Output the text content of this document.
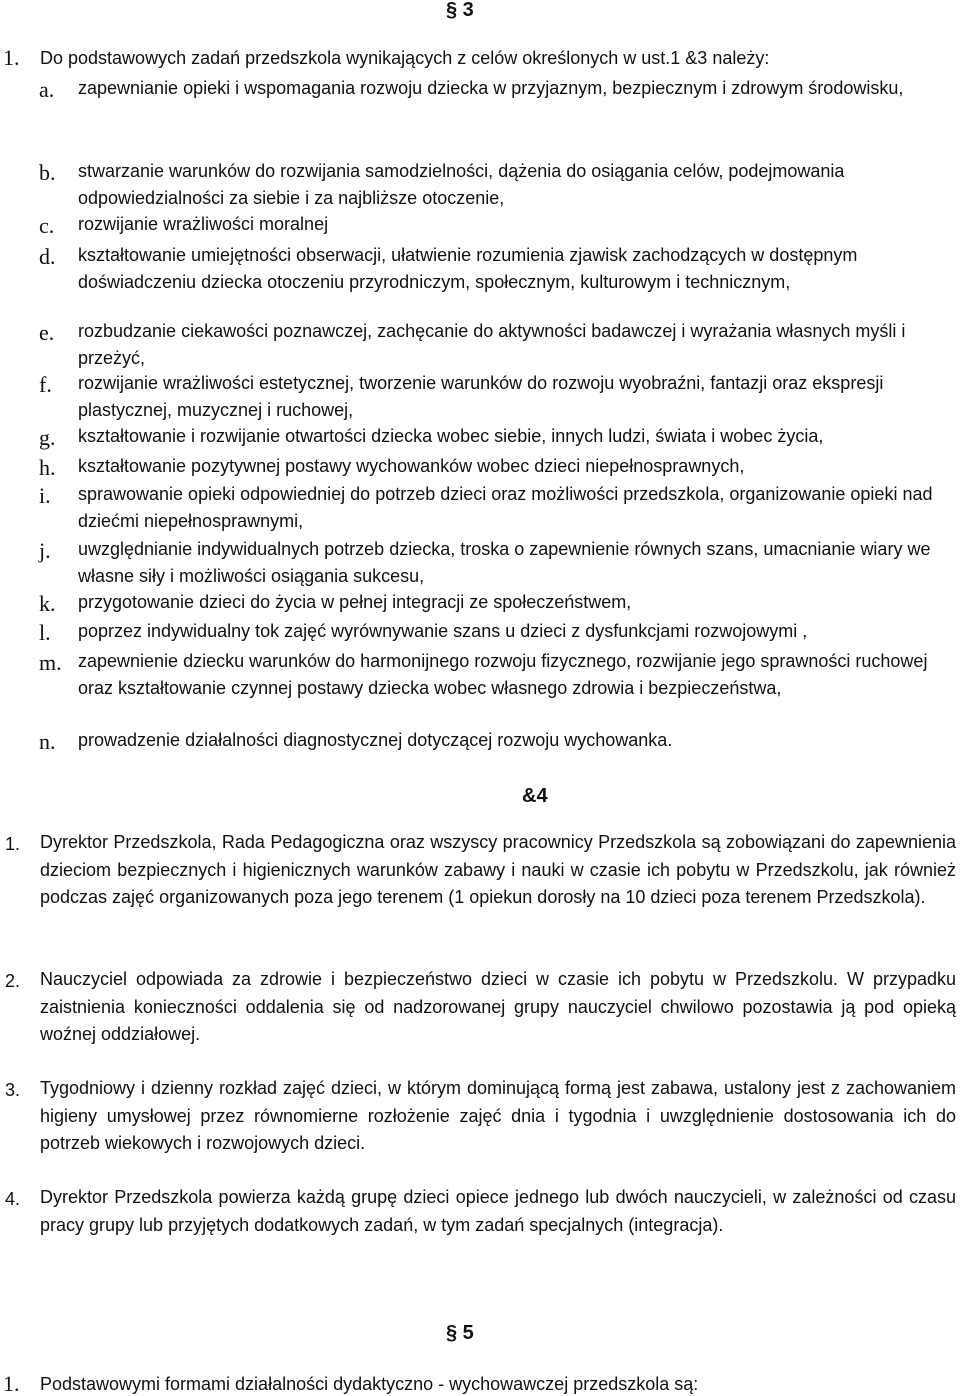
§ 3
1. Do podstawowych zadań przedszkola wynikających z celów określonych w ust.1 &3 należy:
a. zapewnianie opieki i wspomagania rozwoju dziecka w przyjaznym, bezpiecznym i zdrowym środowisku,
b. stwarzanie warunków do rozwijania samodzielności, dążenia do osiągania celów, podejmowania odpowiedzialności za siebie i za najbliższe otoczenie,
c. rozwijanie wrażliwości moralnej
d. kształtowanie umiejętności obserwacji, ułatwienie rozumienia zjawisk zachodzących w dostępnym doświadczeniu dziecka otoczeniu przyrodniczym, społecznym, kulturowym i technicznym,
e. rozbudzanie ciekawości poznawczej, zachęcanie do aktywności badawczej i wyrażania własnych myśli i przeżyć,
f. rozwijanie wrażliwości estetycznej, tworzenie warunków do rozwoju wyobraźni, fantazji oraz ekspresji plastycznej, muzycznej i ruchowej,
g. kształtowanie i rozwijanie otwartości dziecka wobec siebie, innych ludzi, świata i wobec życia,
h. kształtowanie pozytywnej postawy wychowanków wobec dzieci niepełnosprawnych,
i. sprawowanie opieki odpowiedniej do potrzeb dzieci oraz możliwości przedszkola, organizowanie opieki nad dziećmi niepełnosprawnymi,
j. uwzględnianie indywidualnych potrzeb dziecka, troska o zapewnienie równych szans, umacnianie wiary we własne siły i możliwości osiągania sukcesu,
k. przygotowanie dzieci do życia w pełnej integracji ze społeczeństwem,
l. poprzez indywidualny tok zajęć wyrównywanie szans u dzieci z dysfunkcjami rozwojowymi ,
m. zapewnienie dziecku warunków do harmonijnego rozwoju fizycznego, rozwijanie jego sprawności ruchowej oraz kształtowanie czynnej postawy dziecka wobec własnego zdrowia i bezpieczeństwa,
n. prowadzenie działalności diagnostycznej dotyczącej rozwoju wychowanka.
&4
1. Dyrektor Przedszkola, Rada Pedagogiczna oraz wszyscy pracownicy Przedszkola są zobowiązani do zapewnienia dzieciom bezpiecznych i higienicznych warunków zabawy i nauki w czasie ich pobytu w Przedszkolu, jak również podczas zajęć organizowanych poza jego terenem (1 opiekun dorosły na 10 dzieci poza terenem Przedszkola).
2. Nauczyciel odpowiada za zdrowie i bezpieczeństwo dzieci w czasie ich pobytu w Przedszkolu. W przypadku zaistnienia konieczności oddalenia się od nadzorowanej grupy nauczyciel chwilowo pozostawia ją pod opieką woźnej oddziałowej.
3. Tygodniowy i dzienny rozkład zajęć dzieci, w którym dominującą formą jest zabawa, ustalony jest z zachowaniem higieny umysłowej przez równomierne rozłożenie zajęć dnia i tygodnia i uwzględnienie dostosowania ich do potrzeb wiekowych i rozwojowych dzieci.
4. Dyrektor Przedszkola powierza każdą grupę dzieci opiece jednego lub dwóch nauczycieli, w zależności od czasu pracy grupy lub przyjętych dodatkowych zadań, w tym zadań specjalnych (integracja).
§ 5
1. Podstawowymi formami działalności dydaktyczno - wychowawczej przedszkola są:
